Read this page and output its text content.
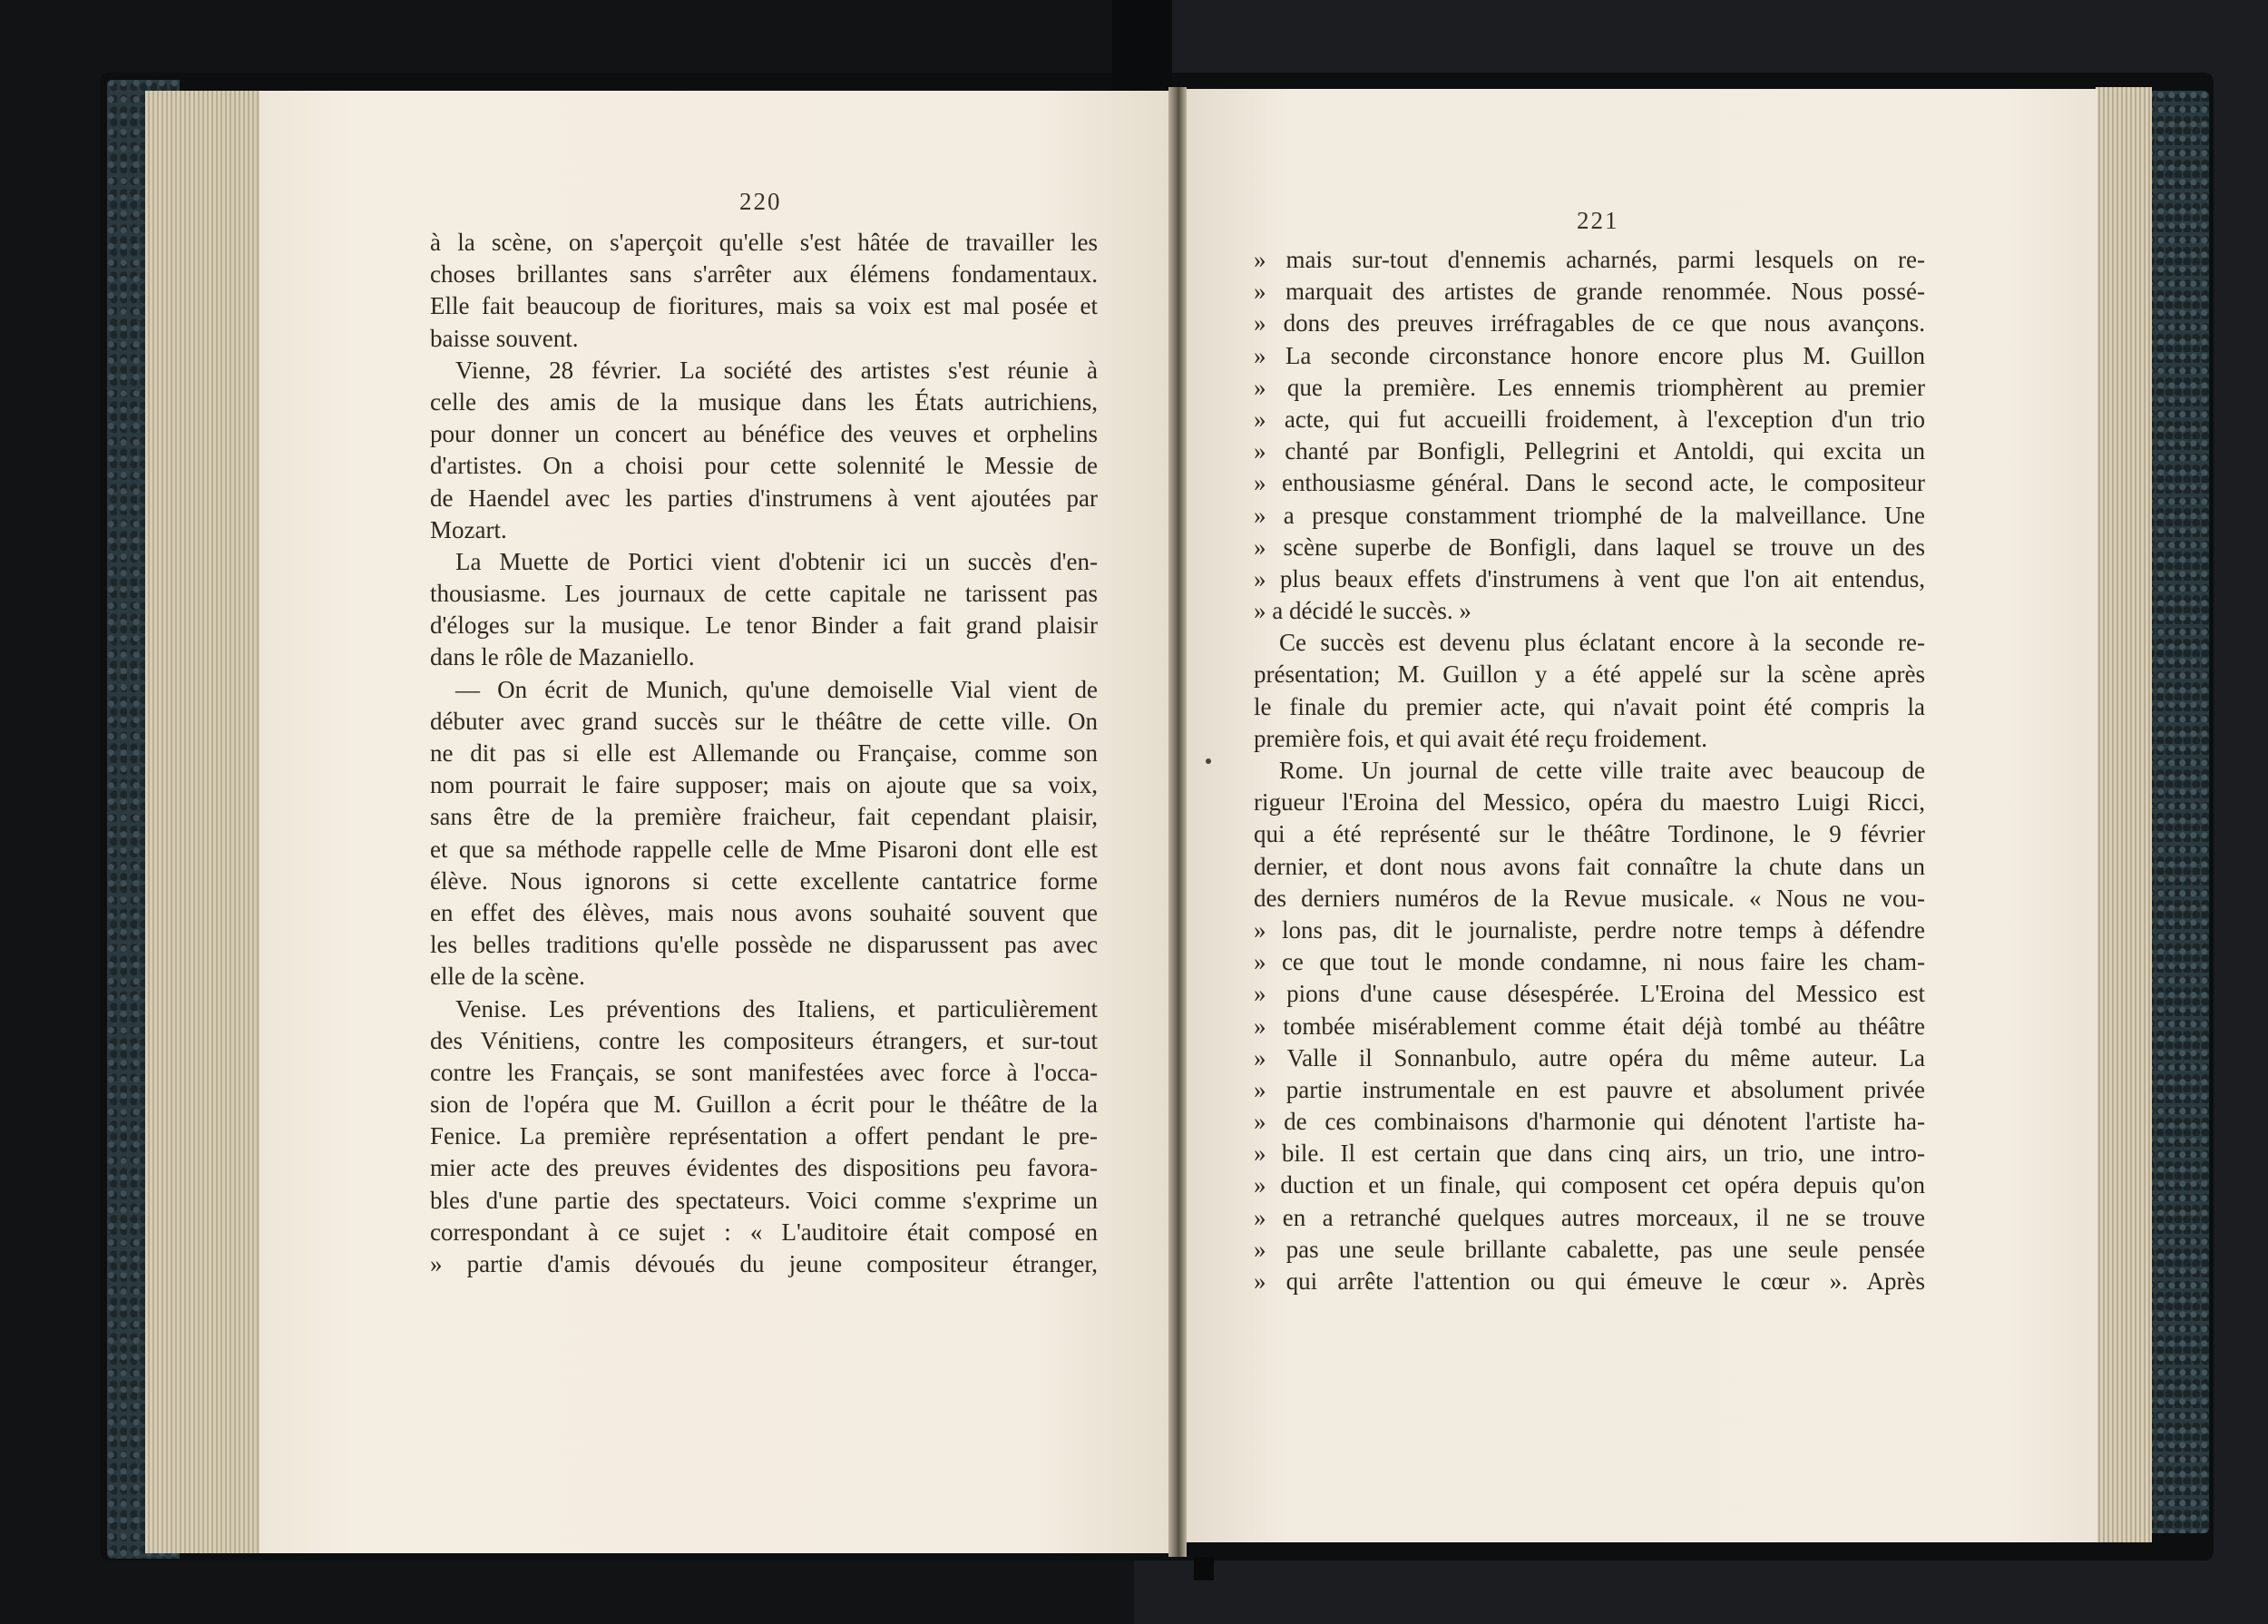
220
221
à la scène, on s'aperçoit qu'elle s'est hâtée de travailler les
choses brillantes sans s'arrêter aux élémens fondamentaux.
Elle fait beaucoup de fioritures, mais sa voix est mal posée et
baisse souvent.
Vienne, 28 février. La société des artistes s'est réunie à
celle des amis de la musique dans les États autrichiens,
pour donner un concert au bénéfice des veuves et orphelins
d'artistes. On a choisi pour cette solennité le Messie de
de Haendel avec les parties d'instrumens à vent ajoutées par
Mozart.
La Muette de Portici vient d'obtenir ici un succès d'en-
thousiasme. Les journaux de cette capitale ne tarissent pas
d'éloges sur la musique. Le tenor Binder a fait grand plaisir
dans le rôle de Mazaniello.
— On écrit de Munich, qu'une demoiselle Vial vient de
débuter avec grand succès sur le théâtre de cette ville. On
ne dit pas si elle est Allemande ou Française, comme son
nom pourrait le faire supposer; mais on ajoute que sa voix,
sans être de la première fraicheur, fait cependant plaisir,
et que sa méthode rappelle celle de Mme Pisaroni dont elle est
élève. Nous ignorons si cette excellente cantatrice forme
en effet des élèves, mais nous avons souhaité souvent que
les belles traditions qu'elle possède ne disparussent pas avec
elle de la scène.
Venise. Les préventions des Italiens, et particulièrement
des Vénitiens, contre les compositeurs étrangers, et sur-tout
contre les Français, se sont manifestées avec force à l'occa-
sion de l'opéra que M. Guillon a écrit pour le théâtre de la
Fenice. La première représentation a offert pendant le pre-
mier acte des preuves évidentes des dispositions peu favora-
bles d'une partie des spectateurs. Voici comme s'exprime un
correspondant à ce sujet : « L'auditoire était composé en
» partie d'amis dévoués du jeune compositeur étranger,
» mais sur-tout d'ennemis acharnés, parmi lesquels on re-
» marquait des artistes de grande renommée. Nous possé-
» dons des preuves irréfragables de ce que nous avançons.
» La seconde circonstance honore encore plus M. Guillon
» que la première. Les ennemis triomphèrent au premier
» acte, qui fut accueilli froidement, à l'exception d'un trio
» chanté par Bonfigli, Pellegrini et Antoldi, qui excita un
» enthousiasme général. Dans le second acte, le compositeur
» a presque constamment triomphé de la malveillance. Une
» scène superbe de Bonfigli, dans laquel se trouve un des
» plus beaux effets d'instrumens à vent que l'on ait entendus,
» a décidé le succès. »
Ce succès est devenu plus éclatant encore à la seconde re-
présentation; M. Guillon y a été appelé sur la scène après
le finale du premier acte, qui n'avait point été compris la
première fois, et qui avait été reçu froidement.
Rome. Un journal de cette ville traite avec beaucoup de
rigueur l'Eroina del Messico, opéra du maestro Luigi Ricci,
qui a été représenté sur le théâtre Tordinone, le 9 février
dernier, et dont nous avons fait connaître la chute dans un
des derniers numéros de la Revue musicale. « Nous ne vou-
» lons pas, dit le journaliste, perdre notre temps à défendre
» ce que tout le monde condamne, ni nous faire les cham-
» pions d'une cause désespérée. L'Eroina del Messico est
» tombée misérablement comme était déjà tombé au théâtre
» Valle il Sonnanbulo, autre opéra du même auteur. La
» partie instrumentale en est pauvre et absolument privée
» de ces combinaisons d'harmonie qui dénotent l'artiste ha-
» bile. Il est certain que dans cinq airs, un trio, une intro-
» duction et un finale, qui composent cet opéra depuis qu'on
» en a retranché quelques autres morceaux, il ne se trouve
» pas une seule brillante cabalette, pas une seule pensée
» qui arrête l'attention ou qui émeuve le cœur ». Après
